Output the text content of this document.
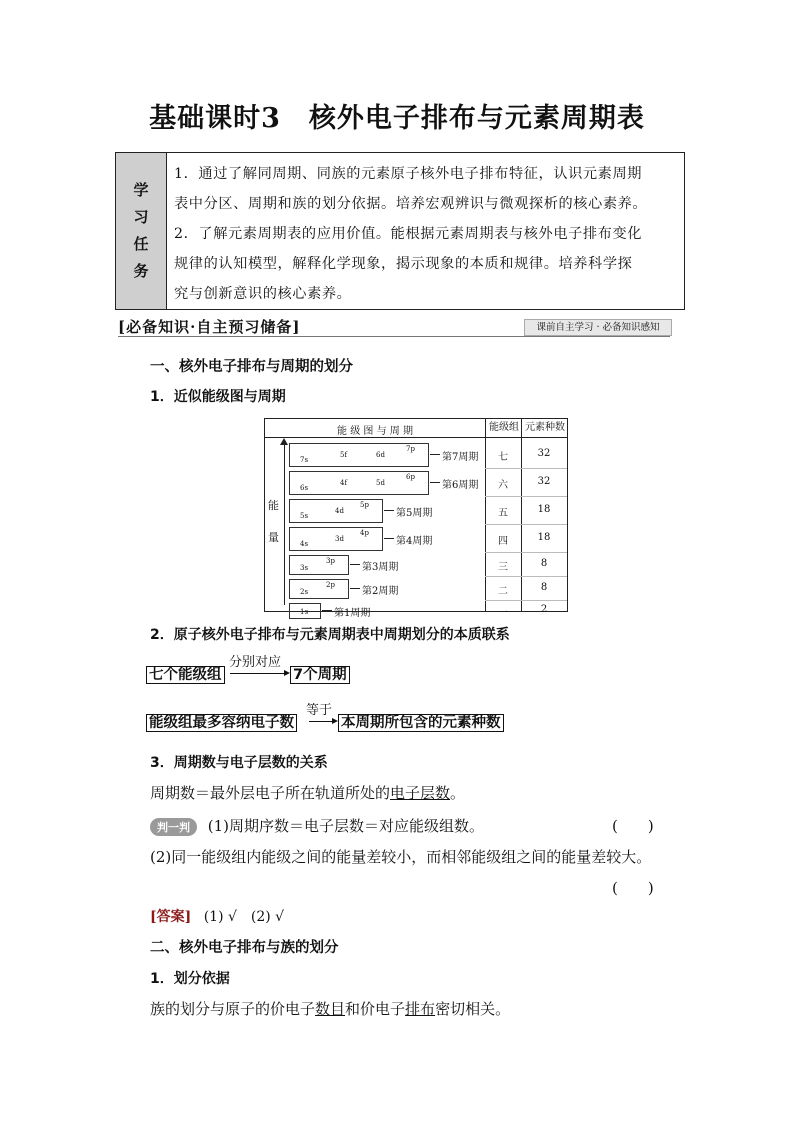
基础课时3　核外电子排布与元素周期表
学
习
任
务
1．通过了解同周期、同族的元素原子核外电子排布特征，认识元素周期
表中分区、周期和族的划分依据。培养宏观辨识与微观探析的核心素养。
2．了解元素周期表的应用价值。能根据元素周期表与核外电子排布变化
规律的认知模型，解释化学现象，揭示现象的本质和规律。培养科学探
究与创新意识的核心素养。
[必备知识·自主预习储备]	课前自主学习 · 必备知识感知
一、核外电子排布与周期的划分
1．近似能级图与周期
能 级 图 与 周 期	能级组 元素种数
能
量
7s
5f	6d
7p
第7周期	七	32
6s
4f	5d
6p
第6周期	六	32
5s
4d
5p
第5周期	五	18
4s
3d
4p
第4周期	四	18
3s
3p
第3周期	三	8
2s
2p
第2周期	二	8
1s	第1周期	一	2
2．原子核外电子排布与元素周期表中周期划分的本质联系
分别对应
七个能级组	7个周期
等于
能级组最多容纳电子数	本周期所包含的元素种数
3．周期数与电子层数的关系
周期数＝最外层电子所在轨道所处的电子层数。
判一判 (1)周期序数＝电子层数＝对应能级组数。	(　　)
(2)同一能级组内能级之间的能量差较小，而相邻能级组之间的能量差较大。
(　　)
[答案] (1) √　(2) √
二、核外电子排布与族的划分
1．划分依据
族的划分与原子的价电子数目和价电子排布密切相关。
